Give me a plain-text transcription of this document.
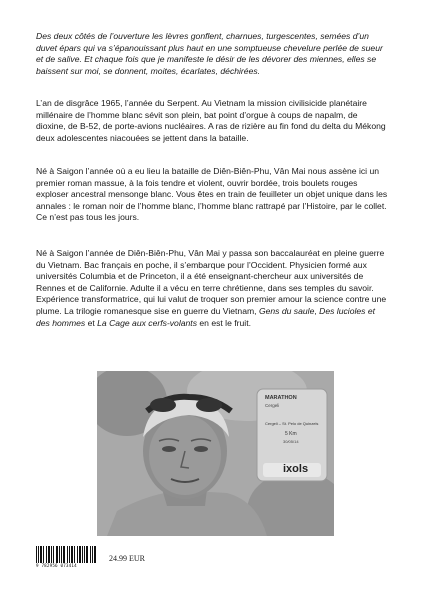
Des deux côtés de l’ouverture les lèvres gonflent, charnues, turgescentes, semées d’un duvet épars qui va s’épanouissant plus haut en une somptueuse chevelure perlée de sueur et de salive. Et chaque fois que je manifeste le désir de les dévorer des miennes, elles se baissent sur moi, se donnent, moites, écarlates, déchirées.

L’an de disgrâce 1965, l’année du Serpent. Au Vietnam la mission civilisicide planétaire millénaire de l’homme blanc sévit son plein, bat point d’orgue à coups de napalm, de dioxine, de B-52, de porte-avions nucléaires. A ras de rizière au fin fond du delta du Mékong deux adolescentes niacouées se jettent dans la bataille.

Né à Saigon l’année où a eu lieu la bataille de Diên-Biên-Phu, Vân Mai nous assène ici un premier roman massue, à la fois tendre et violent, ouvrir bordée, trois boulets rouges exploser ancestral mensonge blanc. Vous êtes en train de feuilleter un objet unique dans les annales : le roman noir de l’homme blanc, l’homme blanc rattrapé par l’Histoire, par le collet. Ce n’est pas tous les jours.

Né à Saigon l’année de Diên-Biên-Phu, Vân Mai y passa son baccalauréat en pleine guerre du Vietnam. Bac français en poche, il s’embarque pour l’Occident. Physicien formé aux universités Columbia et de Princeton, il a été enseignant-chercheur aux universités de Rennes et de Californie. Adulte il a vécu en terre chrétienne, dans ses temples du savoir. Expérience transformatrice, qui lui valut de troquer son premier amour la science contre une plume. La trilogie romanesque sise en guerre du Vietnam, Gens du saule, Des lucioles et des hommes et La Cage aux cerfs-volants en est le fruit.

MARATHON
Cergeli
Cergeli – St. Pelo de Quinzels
5 Km
30/05/14
ixols
9 782956 073414
24.99 EUR
